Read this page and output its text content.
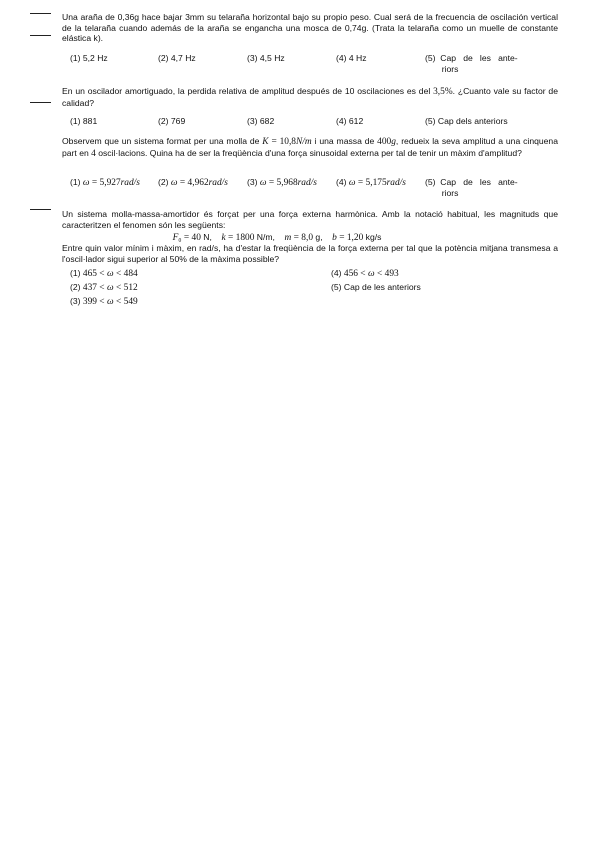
Una araña de 0,36g hace bajar 3mm su telaraña horizontal bajo su propio peso. Cual será de la frecuencia de oscilación vertical de la telaraña cuando además de la araña se engancha una mosca de 0,74g. (Trata la telaraña como un muelle de constante elástica k).
(1) 5,2 Hz	(2) 4,7 Hz	(3) 4,5 Hz	(4) 4 Hz	(5)  Cap   de   les   ante-
riors
En un oscilador amortiguado, la perdida relativa de amplitud después de 10 oscilaciones es del 3,5%. ¿Cuanto vale su factor de calidad?
(1) 881	(2) 769	(3) 682	(4) 612	(5) Cap dels anteriors
Observem que un sistema format per una molla de K = 10,8N/m i una massa de 400g, redueix la seva amplitud a una cinquena part en 4 oscil·lacions. Quina ha de ser la freqüència d'una força sinusoidal externa per tal de tenir un màxim d'amplitud?
(1) ω = 5,927rad/s (2) ω = 4,962rad/s (3) ω = 5,968rad/s (4) ω = 5,175rad/s (5)  Cap   de   les   ante-
riors
Un sistema molla-massa-amortidor és forçat per una força externa harmònica. Amb la notació habitual, les magnituds que caracteritzen el fenomen són les següents:
F₀ = 40 N,    k = 1800 N/m,    m = 8,0 g,    b = 1,20 kg/s
Entre quin valor mínim i màxim, en rad/s, ha d'estar la freqüència de la força externa per tal que la potència mitjana transmesa a l'oscil·lador sigui superior al 50% de la màxima possible?
(1) 465 < ω < 484
(2) 437 < ω < 512
(3) 399 < ω < 549
(4) 456 < ω < 493
(5) Cap de les anteriors
